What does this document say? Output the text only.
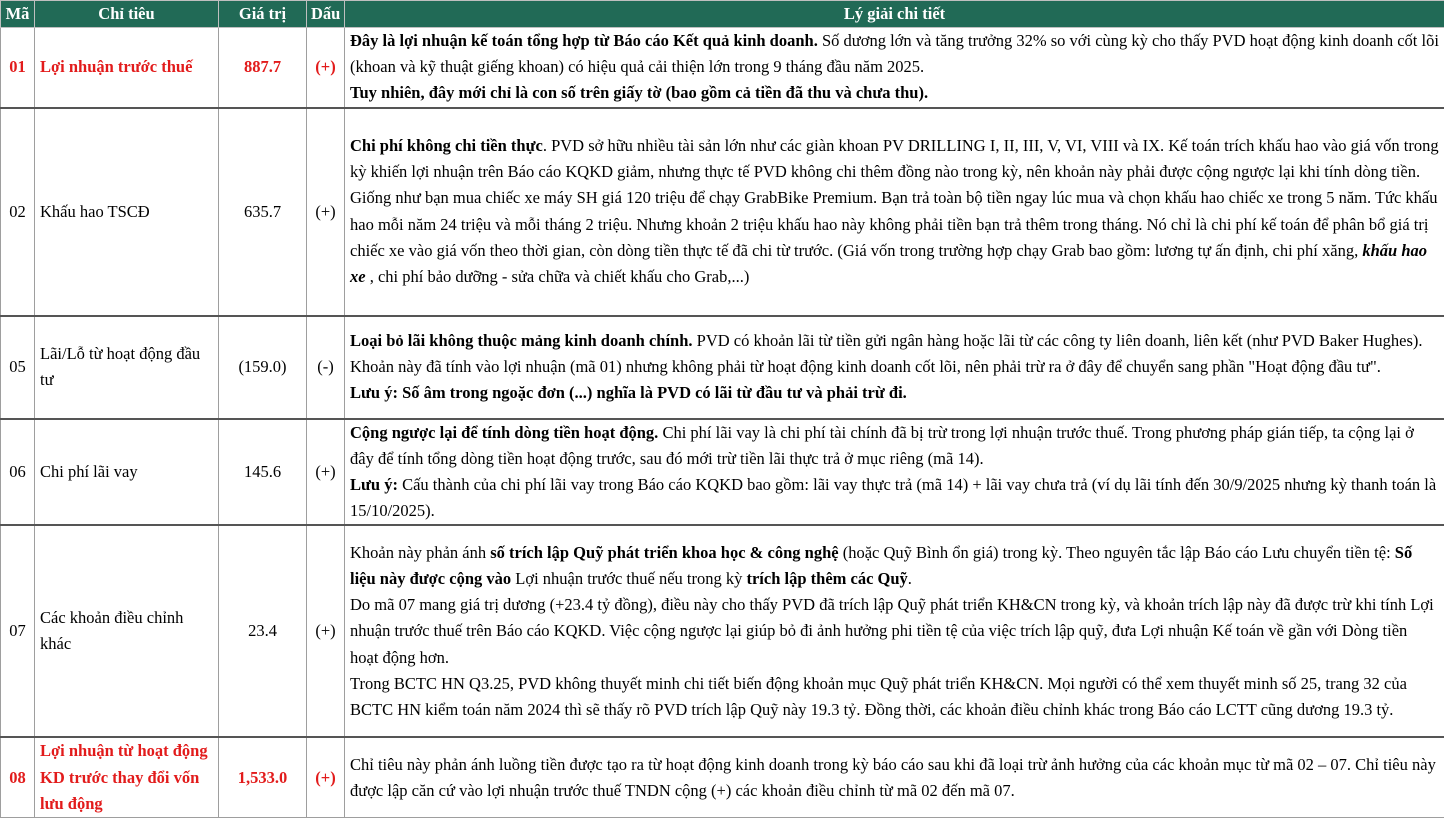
Mã	Chỉ tiêu	Giá trị	Dấu	Lý giải chi tiết
01	Lợi nhuận trước thuế	887.7	(+)	Đây là lợi nhuận kế toán tổng hợp từ Báo cáo Kết quả kinh doanh. Số dương lớn và tăng trưởng 32% so với cùng kỳ cho thấy PVD hoạt động kinh doanh cốt lõi (khoan và kỹ thuật giếng khoan) có hiệu quả cải thiện lớn trong 9 tháng đầu năm 2025.
Tuy nhiên, đây mới chỉ là con số trên giấy tờ (bao gồm cả tiền đã thu và chưa thu).

02	Khấu hao TSCĐ	635.7	(+)	Chi phí không chi tiền thực. PVD sở hữu nhiều tài sản lớn như các giàn khoan PV DRILLING I, II, III, V, VI, VIII và IX. Kế toán trích khấu hao vào giá vốn trong kỳ khiến lợi nhuận trên Báo cáo KQKD giảm, nhưng thực tế PVD không chi thêm đồng nào trong kỳ, nên khoản này phải được cộng ngược lại khi tính dòng tiền.
Giống như bạn mua chiếc xe máy SH giá 120 triệu để chạy GrabBike Premium. Bạn trả toàn bộ tiền ngay lúc mua và chọn khấu hao chiếc xe trong 5 năm. Tức khấu hao mỗi năm 24 triệu và mỗi tháng 2 triệu. Nhưng khoản 2 triệu khấu hao này không phải tiền bạn trả thêm trong tháng. Nó chỉ là chi phí kế toán để phân bổ giá trị chiếc xe vào giá vốn theo thời gian, còn dòng tiền thực tế đã chi từ trước. (Giá vốn trong trường hợp chạy Grab bao gồm: lương tự ấn định, chi phí xăng, khấu hao xe , chi phí bảo dưỡng - sửa chữa và chiết khấu cho Grab,...)

05	Lãi/Lỗ từ hoạt động đầu tư	(159.0)	(-)	Loại bỏ lãi không thuộc mảng kinh doanh chính. PVD có khoản lãi từ tiền gửi ngân hàng hoặc lãi từ các công ty liên doanh, liên kết (như PVD Baker Hughes). Khoản này đã tính vào lợi nhuận (mã 01) nhưng không phải từ hoạt động kinh doanh cốt lõi, nên phải trừ ra ở đây để chuyển sang phần "Hoạt động đầu tư".
Lưu ý: Số âm trong ngoặc đơn (...) nghĩa là PVD có lãi từ đầu tư và phải trừ đi.

06	Chi phí lãi vay	145.6	(+)	Cộng ngược lại để tính dòng tiền hoạt động. Chi phí lãi vay là chi phí tài chính đã bị trừ trong lợi nhuận trước thuế. Trong phương pháp gián tiếp, ta cộng lại ở đây để tính tổng dòng tiền hoạt động trước, sau đó mới trừ tiền lãi thực trả ở mục riêng (mã 14).
Lưu ý: Cấu thành của chi phí lãi vay trong Báo cáo KQKD bao gồm: lãi vay thực trả (mã 14) + lãi vay chưa trả (ví dụ lãi tính đến 30/9/2025 nhưng kỳ thanh toán là 15/10/2025).

07	Các khoản điều chỉnh khác	23.4	(+)	Khoản này phản ánh số trích lập Quỹ phát triển khoa học & công nghệ (hoặc Quỹ Bình ổn giá) trong kỳ. Theo nguyên tắc lập Báo cáo Lưu chuyển tiền tệ: Số liệu này được cộng vào Lợi nhuận trước thuế nếu trong kỳ trích lập thêm các Quỹ.
Do mã 07 mang giá trị dương (+23.4 tỷ đồng), điều này cho thấy PVD đã trích lập Quỹ phát triển KH&CN trong kỳ, và khoản trích lập này đã được trừ khi tính Lợi nhuận trước thuế trên Báo cáo KQKD. Việc cộng ngược lại giúp bỏ đi ảnh hưởng phi tiền tệ của việc trích lập quỹ, đưa Lợi nhuận Kế toán về gần với Dòng tiền hoạt động hơn.
Trong BCTC HN Q3.25, PVD không thuyết minh chi tiết biến động khoản mục Quỹ phát triển KH&CN. Mọi người có thể xem thuyết minh số 25, trang 32 của BCTC HN kiểm toán năm 2024 thì sẽ thấy rõ PVD trích lập Quỹ này 19.3 tỷ. Đồng thời, các khoản điều chỉnh khác trong Báo cáo LCTT cũng dương 19.3 tỷ.

08	Lợi nhuận từ hoạt động KD trước thay đổi vốn lưu động	1,533.0	(+)	Chỉ tiêu này phản ánh luồng tiền được tạo ra từ hoạt động kinh doanh trong kỳ báo cáo sau khi đã loại trừ ảnh hưởng của các khoản mục từ mã 02 – 07. Chỉ tiêu này được lập căn cứ vào lợi nhuận trước thuế TNDN cộng (+) các khoản điều chỉnh từ mã 02 đến mã 07.
